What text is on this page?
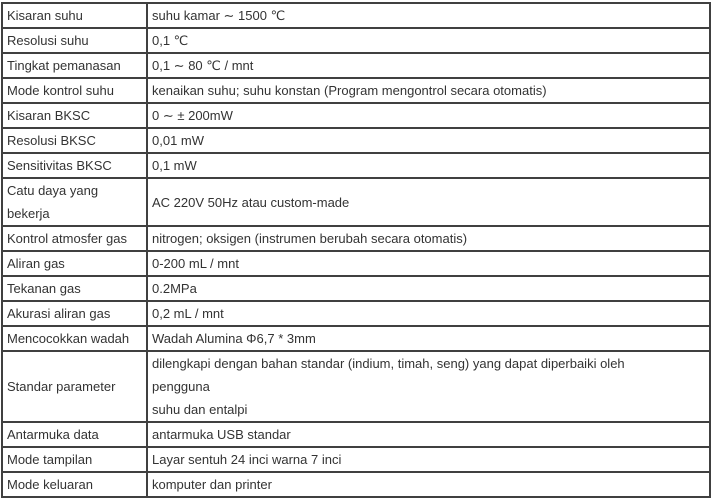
Kisaran suhu	suhu kamar ∼ 1500 ℃

Resolusi suhu	0,1 ℃

Tingkat pemanasan	0,1 ∼ 80 ℃ / mnt

Mode kontrol suhu	kenaikan suhu; suhu konstan (Program mengontrol secara otomatis)

Kisaran BKSC	0 ∼ ± 200mW

Resolusi BKSC	0,01 mW

Sensitivitas BKSC	0,1 mW

Catu daya yang
bekerja	AC 220V 50Hz atau custom-made

Kontrol atmosfer gas	nitrogen; oksigen (instrumen berubah secara otomatis)

Aliran gas	0-200 mL / mnt

Tekanan gas	0.2MPa

Akurasi aliran gas	0,2 mL / mnt

Mencocokkan wadah	Wadah Alumina Φ6,7 * 3mm

Standar parameter	dilengkapi dengan bahan standar (indium, timah, seng) yang dapat diperbaiki oleh
pengguna
suhu dan entalpi

Antarmuka data	antarmuka USB standar

Mode tampilan	Layar sentuh 24 inci warna 7 inci

Mode keluaran	komputer dan printer
